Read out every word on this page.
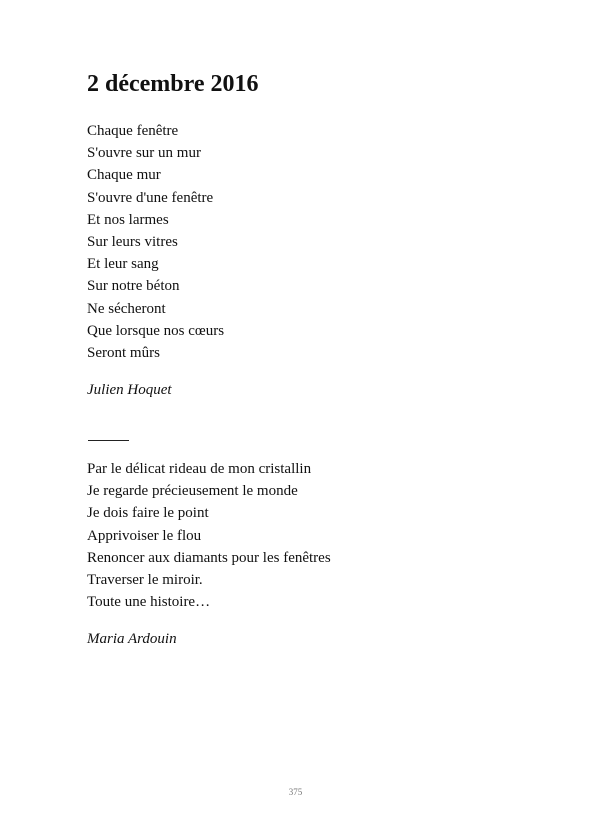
2 décembre 2016
Chaque fenêtre
S'ouvre sur un mur
Chaque mur
S'ouvre d'une fenêtre
Et nos larmes
Sur leurs vitres
Et leur sang
Sur notre béton
Ne sécheront
Que lorsque nos cœurs
Seront mûrs

Julien Hoquet

Par le délicat rideau de mon cristallin
Je regarde précieusement le monde
Je dois faire le point
Apprivoiser le flou
Renoncer aux diamants pour les fenêtres
Traverser le miroir.
Toute une histoire…

Maria Ardouin

375
